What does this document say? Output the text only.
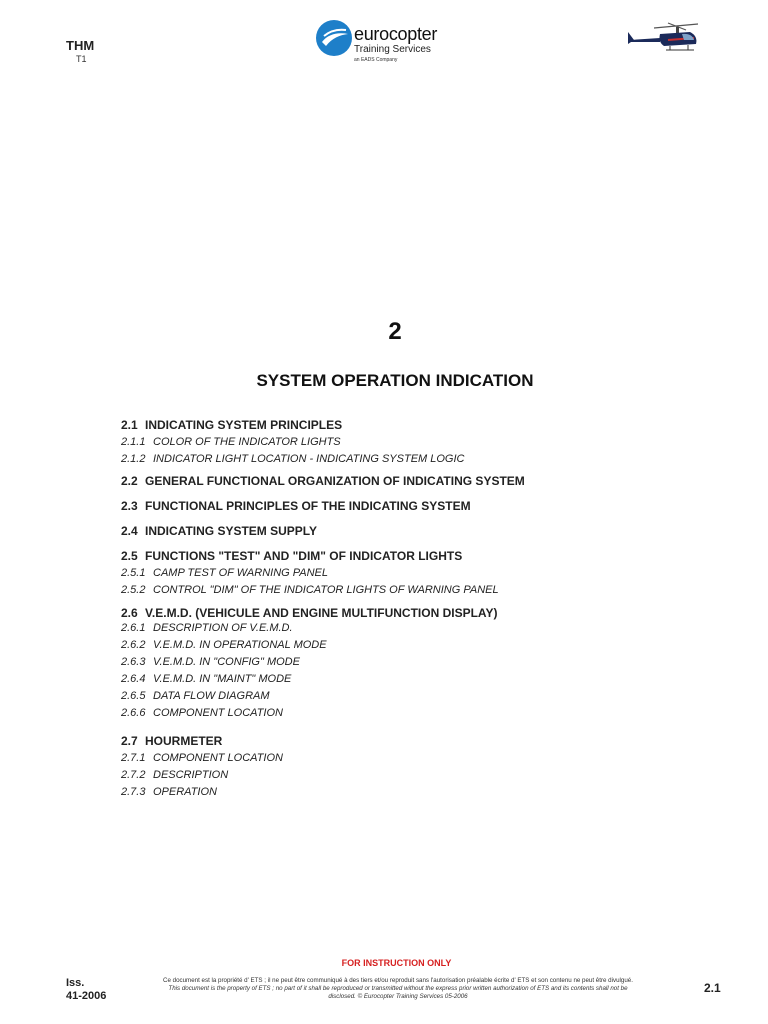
THM
T1
eurocopter
Training Services
an EADS Company
2
SYSTEM OPERATION INDICATION
2.1 INDICATING SYSTEM PRINCIPLES
2.1.1 COLOR OF THE INDICATOR LIGHTS
2.1.2 INDICATOR LIGHT LOCATION - INDICATING SYSTEM LOGIC
2.2 GENERAL FUNCTIONAL ORGANIZATION OF INDICATING SYSTEM
2.3 FUNCTIONAL PRINCIPLES OF THE INDICATING SYSTEM
2.4 INDICATING SYSTEM SUPPLY
2.5 FUNCTIONS "TEST" AND "DIM" OF INDICATOR LIGHTS
2.5.1 CAMP TEST OF WARNING PANEL
2.5.2 CONTROL "DIM" OF THE INDICATOR LIGHTS OF WARNING PANEL
2.6 V.E.M.D. (VEHICULE AND ENGINE MULTIFUNCTION DISPLAY)
2.6.1 DESCRIPTION OF V.E.M.D.
2.6.2 V.E.M.D. IN OPERATIONAL MODE
2.6.3 V.E.M.D. IN "CONFIG" MODE
2.6.4 V.E.M.D. IN "MAINT" MODE
2.6.5 DATA FLOW DIAGRAM
2.6.6 COMPONENT LOCATION
2.7 HOURMETER
2.7.1 COMPONENT LOCATION
2.7.2 DESCRIPTION
2.7.3 OPERATION
FOR INSTRUCTION ONLY
Iss.
41-2006
Ce document est la propriété d' ETS ; il ne peut être communiqué à des tiers et/ou reproduit sans l'autorisation préalable écrite d' ETS et son contenu ne peut être divulgué. This document is the property of ETS ; no part of it shall be reproduced or transmitted without the express prior written authorization of ETS and its contents shall not be disclosed. © Eurocopter Training Services 05-2006
2.1
